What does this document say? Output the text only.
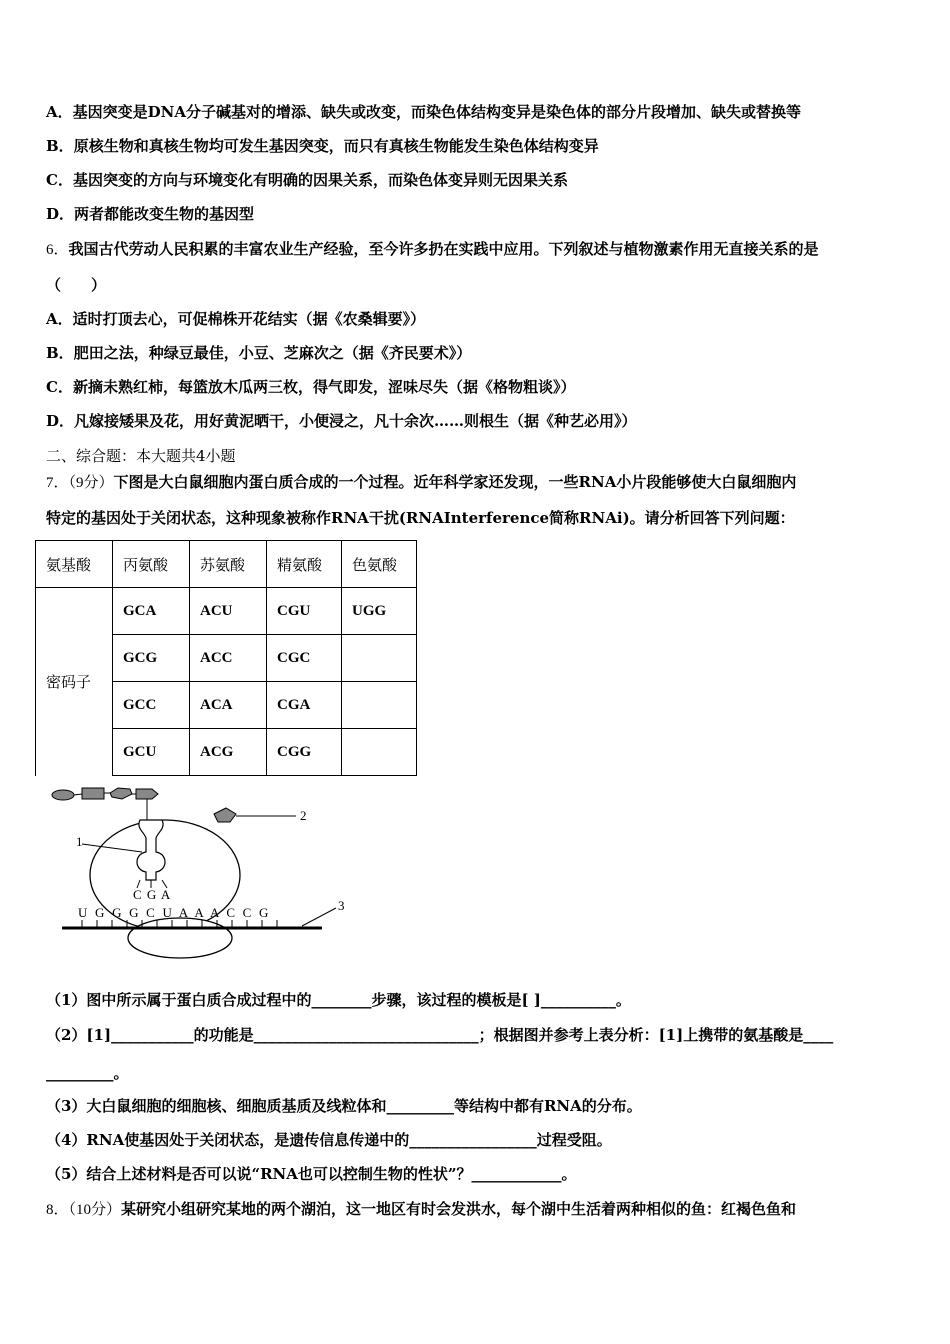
A．基因突变是DNA分子碱基对的增添、缺失或改变，而染色体结构变异是染色体的部分片段增加、缺失或替换等
B．原核生物和真核生物均可发生基因突变，而只有真核生物能发生染色体结构变异
C．基因突变的方向与环境变化有明确的因果关系，而染色体变异则无因果关系
D．两者都能改变生物的基因型
6．我国古代劳动人民积累的丰富农业生产经验，至今许多扔在实践中应用。下列叙述与植物激素作用无直接关系的是
（　　）
A．适时打顶去心，可促棉株开花结实（据《农桑辑要》）
B．肥田之法，种绿豆最佳，小豆、芝麻次之（据《齐民要术》）
C．新摘未熟红柿，每篮放木瓜两三枚，得气即发，涩味尽失（据《格物粗谈》）
D．凡嫁接矮果及花，用好黄泥晒干，小便浸之，凡十余次……则根生（据《种艺必用》）
二、综合题：本大题共4小题
7．（9分）下图是大白鼠细胞内蛋白质合成的一个过程。近年科学家还发现，一些RNA小片段能够使大白鼠细胞内
特定的基因处于关闭状态，这种现象被称作RNA干扰(RNAInterference简称RNAi)。请分析回答下列问题：
氨基酸	丙氨酸	苏氨酸	精氨酸	色氨酸
密码子	GCA	ACU	CGU	UGG
	GCG	ACC	CGC	
	GCC	ACA	CGA	
	GCU	ACG	CGG	
2
1
C G A
U G G G C U A A A C C G	3
（1）图中所示属于蛋白质合成过程中的________步骤，该过程的模板是[ ]__________。
（2）[1]___________的功能是______________________________；根据图并参考上表分析：[1]上携带的氨基酸是____
_________。
（3）大白鼠细胞的细胞核、细胞质基质及线粒体和_________等结构中都有RNA的分布。
（4）RNA使基因处于关闭状态，是遗传信息传递中的_________________过程受阻。
（5）结合上述材料是否可以说“RNA也可以控制生物的性状”？____________。
8．（10分）某研究小组研究某地的两个湖泊，这一地区有时会发洪水，每个湖中生活着两种相似的鱼：红褐色鱼和
